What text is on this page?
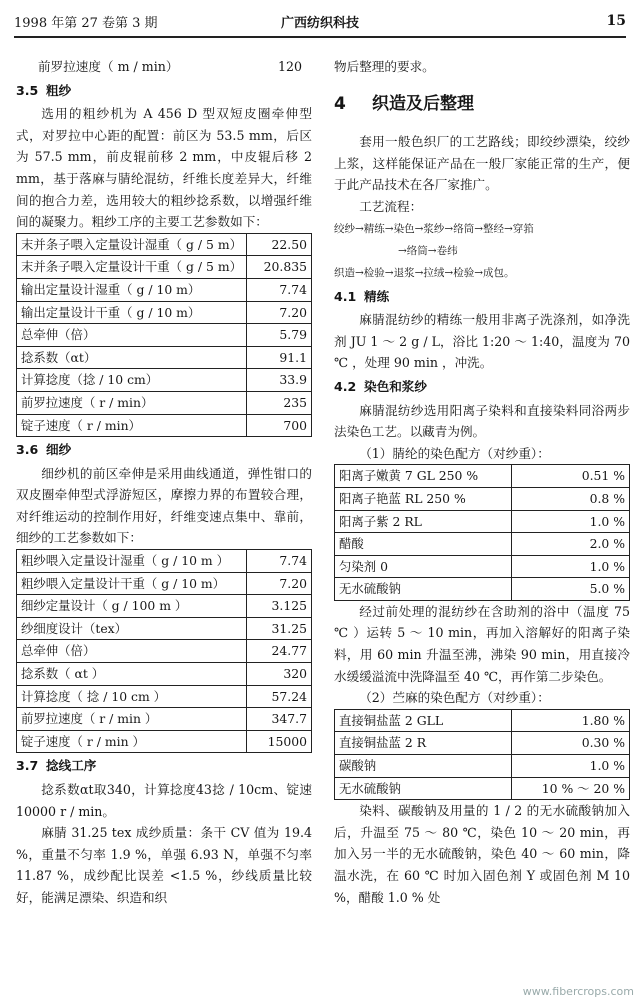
1998 年第 27 卷第 3 期	广西纺织科技	15
前罗拉速度（ m / min）	120
3.5 粗纱

选用的粗纱机为 A 456 D 型双短皮圈牵伸型式，对罗拉中心距的配置：前区为 53.5 mm，后区为 57.5 mm，前皮辊前移 2 mm，中皮辊后移 2 mm，基于落麻与腈纶混纺，纤维长度差异大，纤维间的抱合力差，选用较大的粗纱捻系数，以增强纤维间的凝聚力。粗纱工序的主要工艺参数如下：

末并条子喂入定量设计湿重（ g / 5 m）	22.50
末并条子喂入定量设计干重（ g / 5 m）	20.835
输出定量设计湿重（ g / 10 m）	7.74
输出定量设计干重（ g / 10 m）	7.20
总牵伸（倍）	5.79
捻系数（αt）	91.1
计算捻度（捻 / 10 cm）	33.9
前罗拉速度（ r / min）	235
锭子速度（ r / min）	700
3.6 细纱

细纱机的前区牵伸是采用曲线通道，弹性钳口的双皮圈牵伸型式浮游短区，摩擦力界的布置较合理，对纤维运动的控制作用好，纤维变速点集中、靠前，细纱的工艺参数如下：

粗纱喂入定量设计湿重（ g / 10 m ）	7.74
粗纱喂入定量设计干重（ g / 10 m）	7.20
细纱定量设计（ g / 100 m ）	3.125
纱细度设计（tex）	31.25
总牵伸（倍）	24.77
捻系数（ αt ）	320
计算捻度（ 捻 / 10 cm ）	57.24
前罗拉速度（ r / min ）	347.7
锭子速度（ r / min ）	15000
3.7 捻线工序

捻系数αt取340，计算捻度43捻 / 10cm、锭速10000 r / min。

麻腈 31.25 tex 成纱质量：条干 CV 值为 19.4 %，重量不匀率 1.9 %，单强 6.93 N，单强不匀率 11.87 %，成纱配比误差 <1.5 %，纱线质量比较好，能满足漂染、织造和织

物后整理的要求。

4 织造及后整理

套用一般色织厂的工艺路线；即绞纱漂染，绞纱上浆，这样能保证产品在一般厂家能正常的生产，便于此产品技术在各厂家推广。

工艺流程：

绞纱→精练→染色→浆纱→络筒→整经→穿筘
→络筒→卷纬
织造→检验→退浆→拉绒→检验→成包。
4.1 精练

麻腈混纺纱的精练一般用非离子洗涤剂，如净洗剂 JU 1 ～ 2 g / L，浴比 1:20 ～ 1:40，温度为 70 ℃ ，处理 90 min ，冲洗。

4.2 染色和浆纱

麻腈混纺纱选用阳离子染料和直接染料同浴两步法染色工艺。以藏青为例。

（1）腈纶的染色配方（对纱重）：

阳离子嫩黄 7 GL 250 %	0.51 %
阳离子艳蓝 RL 250 %	0.8 %
阳离子紫 2 RL	1.0 %
醋酸	2.0 %
匀染剂 0	1.0 %
无水硫酸钠	5.0 %

经过前处理的混纺纱在含助剂的浴中（温度 75 ℃ ）运转 5 ～ 10 min，再加入溶解好的阳离子染料，用 60 min 升温至沸，沸染 90 min，用直接冷水缓缓溢流中洗降温至 40 ℃，再作第二步染色。

（2）苎麻的染色配方（对纱重）：

直接铜盐蓝 2 GLL	1.80 %
直接铜盐蓝 2 R	0.30 %
碳酸钠	1.0 %
无水硫酸钠	10 % ～ 20 %

染料、碳酸钠及用量的 1 / 2 的无水硫酸钠加入后，升温至 75 ～ 80 ℃，染色 10 ～ 20 min，再加入另一半的无水硫酸钠，染色 40 ～ 60 min，降温水洗，在 60 ℃ 时加入固色剂 Y 或固色剂 M 10 %，醋酸 1.0 % 处

www.fibercrops.com
